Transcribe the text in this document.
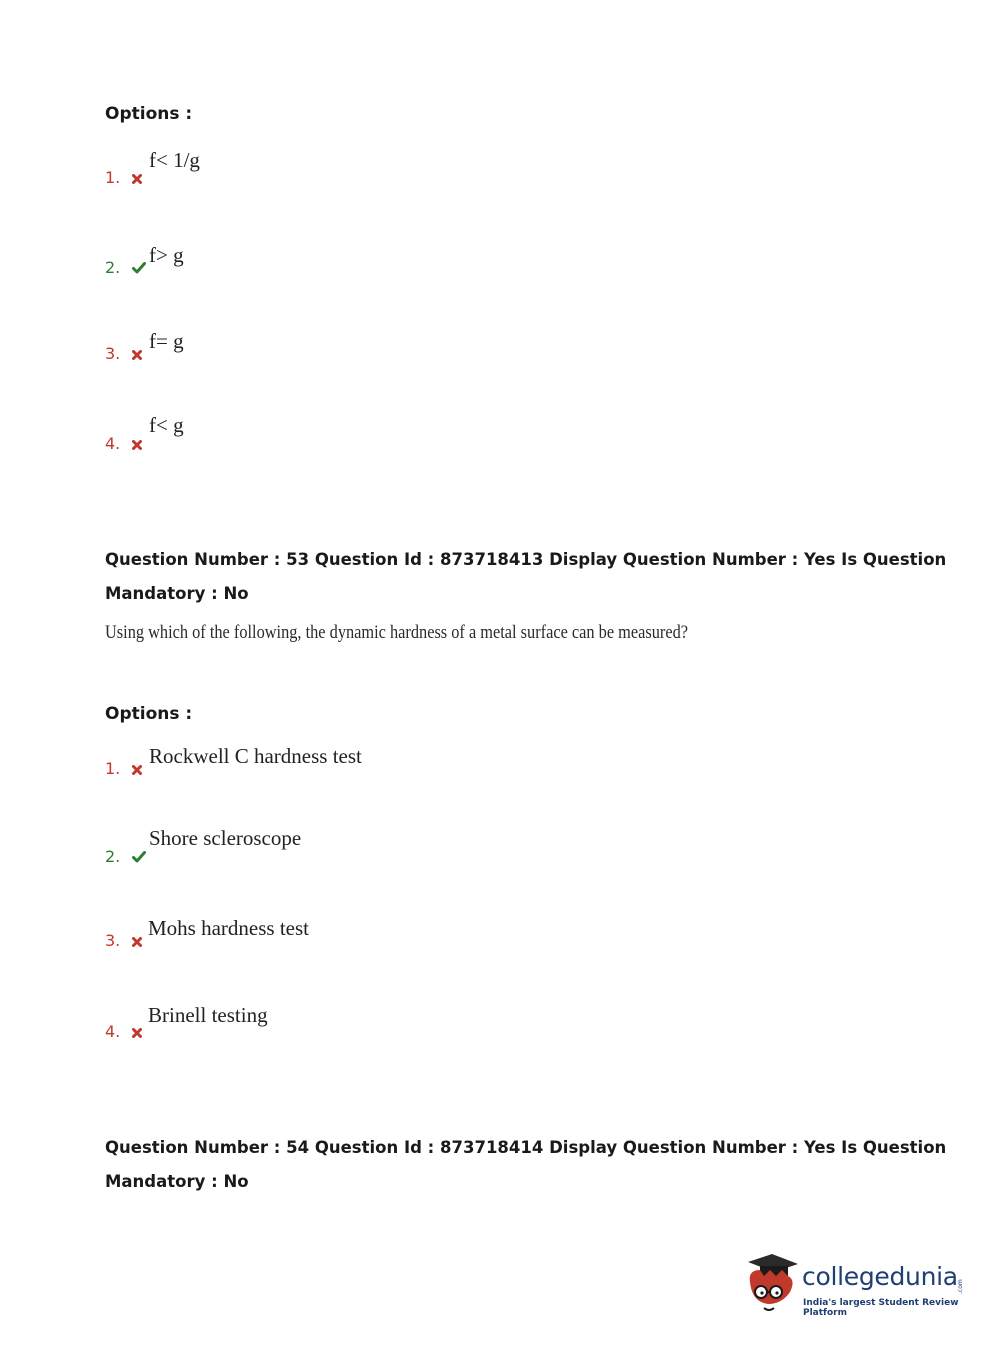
Options :
1.
f< 1/g
2.
f> g
3.
f= g
4.
f< g
Question Number : 53 Question Id : 873718413 Display Question Number : Yes Is Question
Mandatory : No
Using which of the following, the dynamic hardness of a metal surface can be measured?
Options :
1.
Rockwell C hardness test
2.
Shore scleroscope
3.
Mohs hardness test
4.
Brinell testing
Question Number : 54 Question Id : 873718414 Display Question Number : Yes Is Question
Mandatory : No
collegedunia .com
India's largest Student Review Platform
